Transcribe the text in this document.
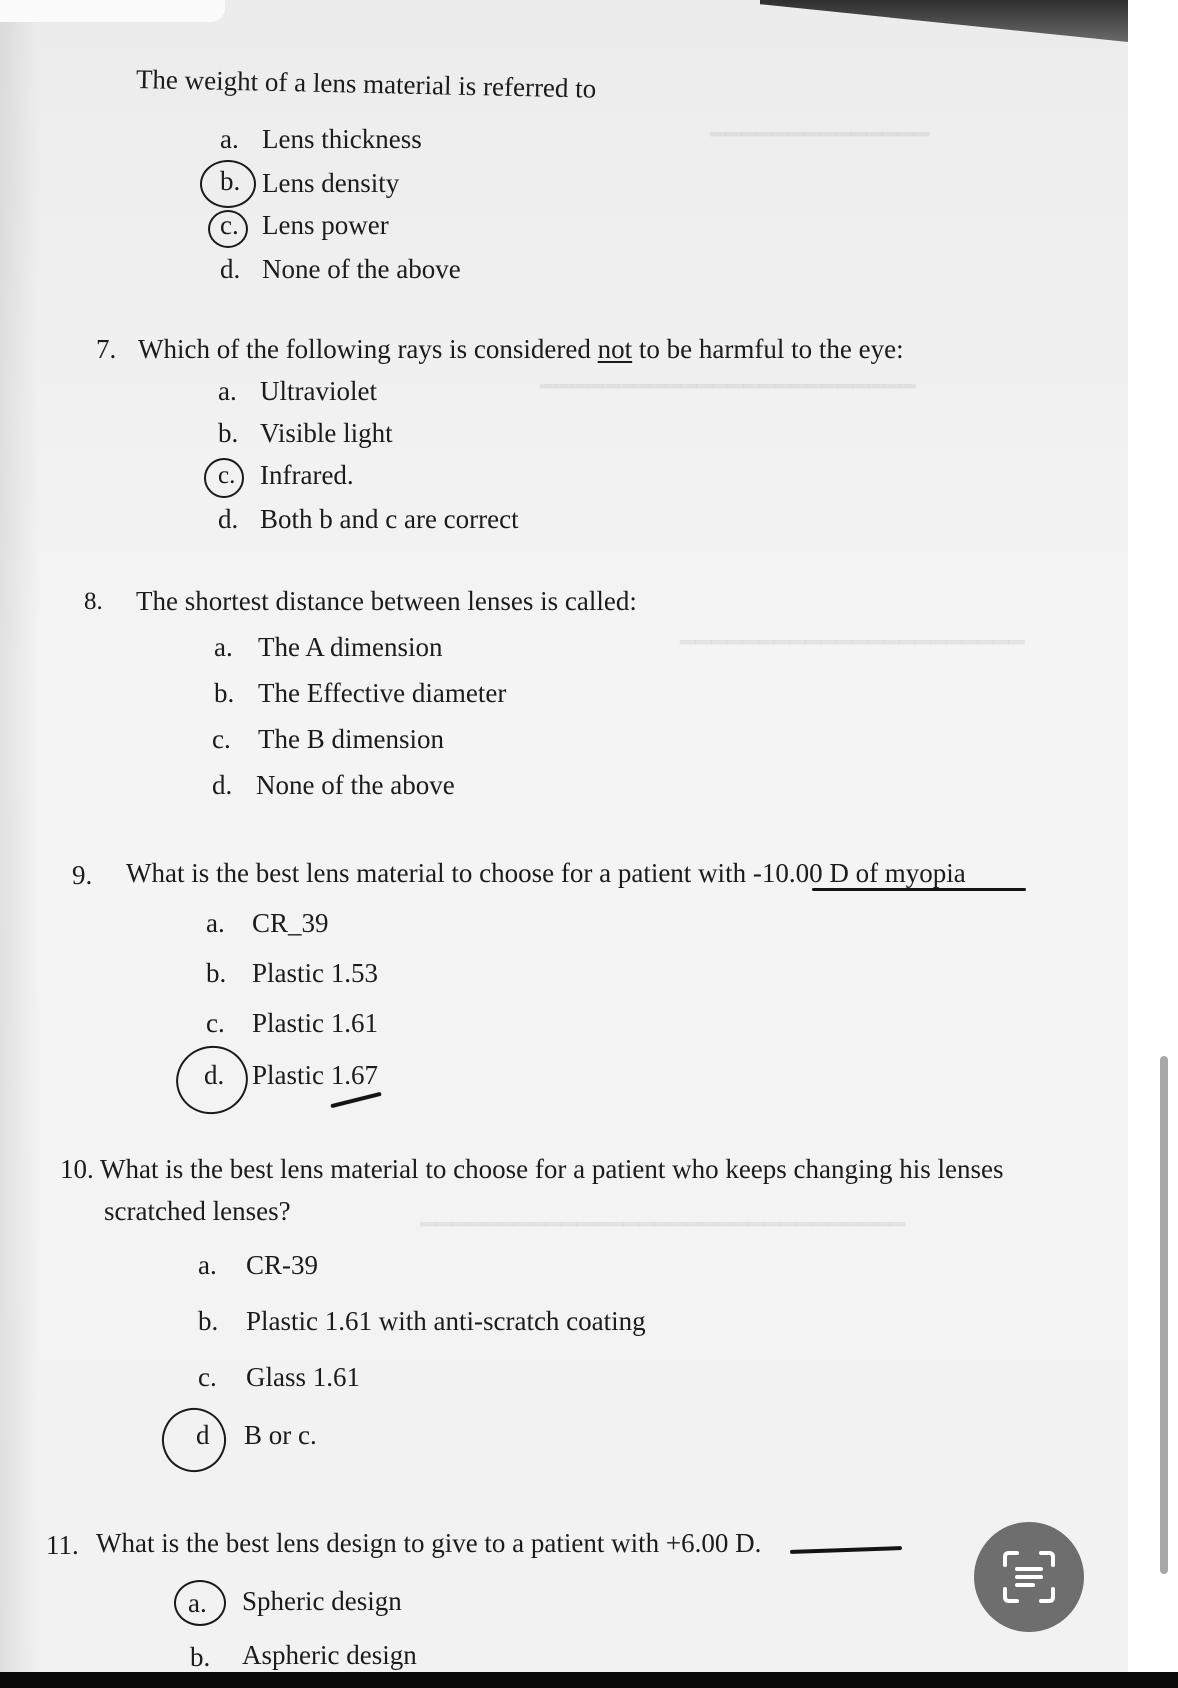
━━━━━━━━━━━━━━
━━━━━━━━━━━━━━━━━━━━━━━━
━━━━━━━━━━━━━━━━━━━━━━
━━━━━━━━━━━━━━━━━━━━━━━━━━━━━━━
The weight of a lens material is referred to
a. Lens thickness
b. Lens density
c. Lens power
d. None of the above
7. Which of the following rays is considered not to be harmful to the eye:
a. Ultraviolet
b. Visible light
c. Infrared.
d. Both b and c are correct
8. The shortest distance between lenses is called:
a. The A dimension
b. The Effective diameter
c. The B dimension
d. None of the above
9. What is the best lens material to choose for a patient with -10.00 D of myopia
a. CR_39
b. Plastic 1.53
c. Plastic 1.61
d. Plastic 1.67
10. What is the best lens material to choose for a patient who keeps changing his lenses
scratched lenses?
a. CR-39
b. Plastic 1.61 with anti-scratch coating
c. Glass 1.61
d B or c.
11. What is the best lens design to give to a patient with +6.00 D.
a. Spheric design
b. Aspheric design
